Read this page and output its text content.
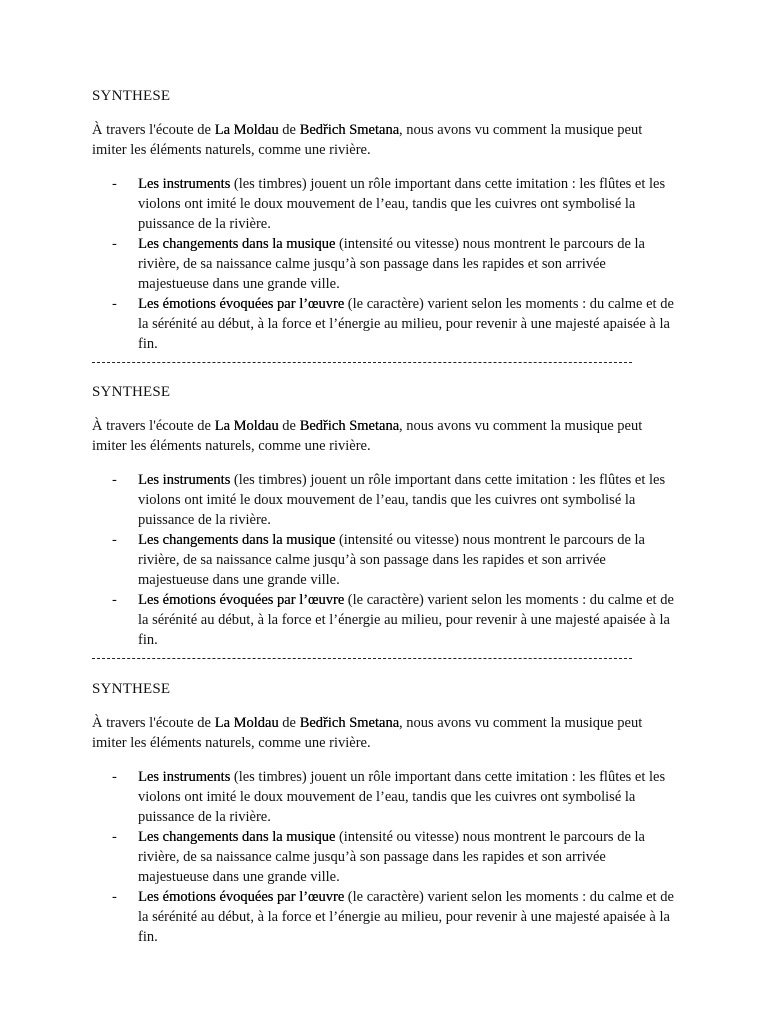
SYNTHESE

À travers l'écoute de La Moldau de Bedřich Smetana, nous avons vu comment la musique peut imiter les éléments naturels, comme une rivière.

- Les instruments (les timbres) jouent un rôle important dans cette imitation : les flûtes et les violons ont imité le doux mouvement de l’eau, tandis que les cuivres ont symbolisé la puissance de la rivière.
- Les changements dans la musique (intensité ou vitesse) nous montrent le parcours de la rivière, de sa naissance calme jusqu’à son passage dans les rapides et son arrivée majestueuse dans une grande ville.
- Les émotions évoquées par l’œuvre (le caractère) varient selon les moments : du calme et de la sérénité au début, à la force et l’énergie au milieu, pour revenir à une majesté apaisée à la fin.
SYNTHESE

À travers l'écoute de La Moldau de Bedřich Smetana, nous avons vu comment la musique peut imiter les éléments naturels, comme une rivière.

- Les instruments (les timbres) jouent un rôle important dans cette imitation : les flûtes et les violons ont imité le doux mouvement de l’eau, tandis que les cuivres ont symbolisé la puissance de la rivière.
- Les changements dans la musique (intensité ou vitesse) nous montrent le parcours de la rivière, de sa naissance calme jusqu’à son passage dans les rapides et son arrivée majestueuse dans une grande ville.
- Les émotions évoquées par l’œuvre (le caractère) varient selon les moments : du calme et de la sérénité au début, à la force et l’énergie au milieu, pour revenir à une majesté apaisée à la fin.
SYNTHESE

À travers l'écoute de La Moldau de Bedřich Smetana, nous avons vu comment la musique peut imiter les éléments naturels, comme une rivière.

- Les instruments (les timbres) jouent un rôle important dans cette imitation : les flûtes et les violons ont imité le doux mouvement de l’eau, tandis que les cuivres ont symbolisé la puissance de la rivière.
- Les changements dans la musique (intensité ou vitesse) nous montrent le parcours de la rivière, de sa naissance calme jusqu’à son passage dans les rapides et son arrivée majestueuse dans une grande ville.
- Les émotions évoquées par l’œuvre (le caractère) varient selon les moments : du calme et de la sérénité au début, à la force et l’énergie au milieu, pour revenir à une majesté apaisée à la fin.
